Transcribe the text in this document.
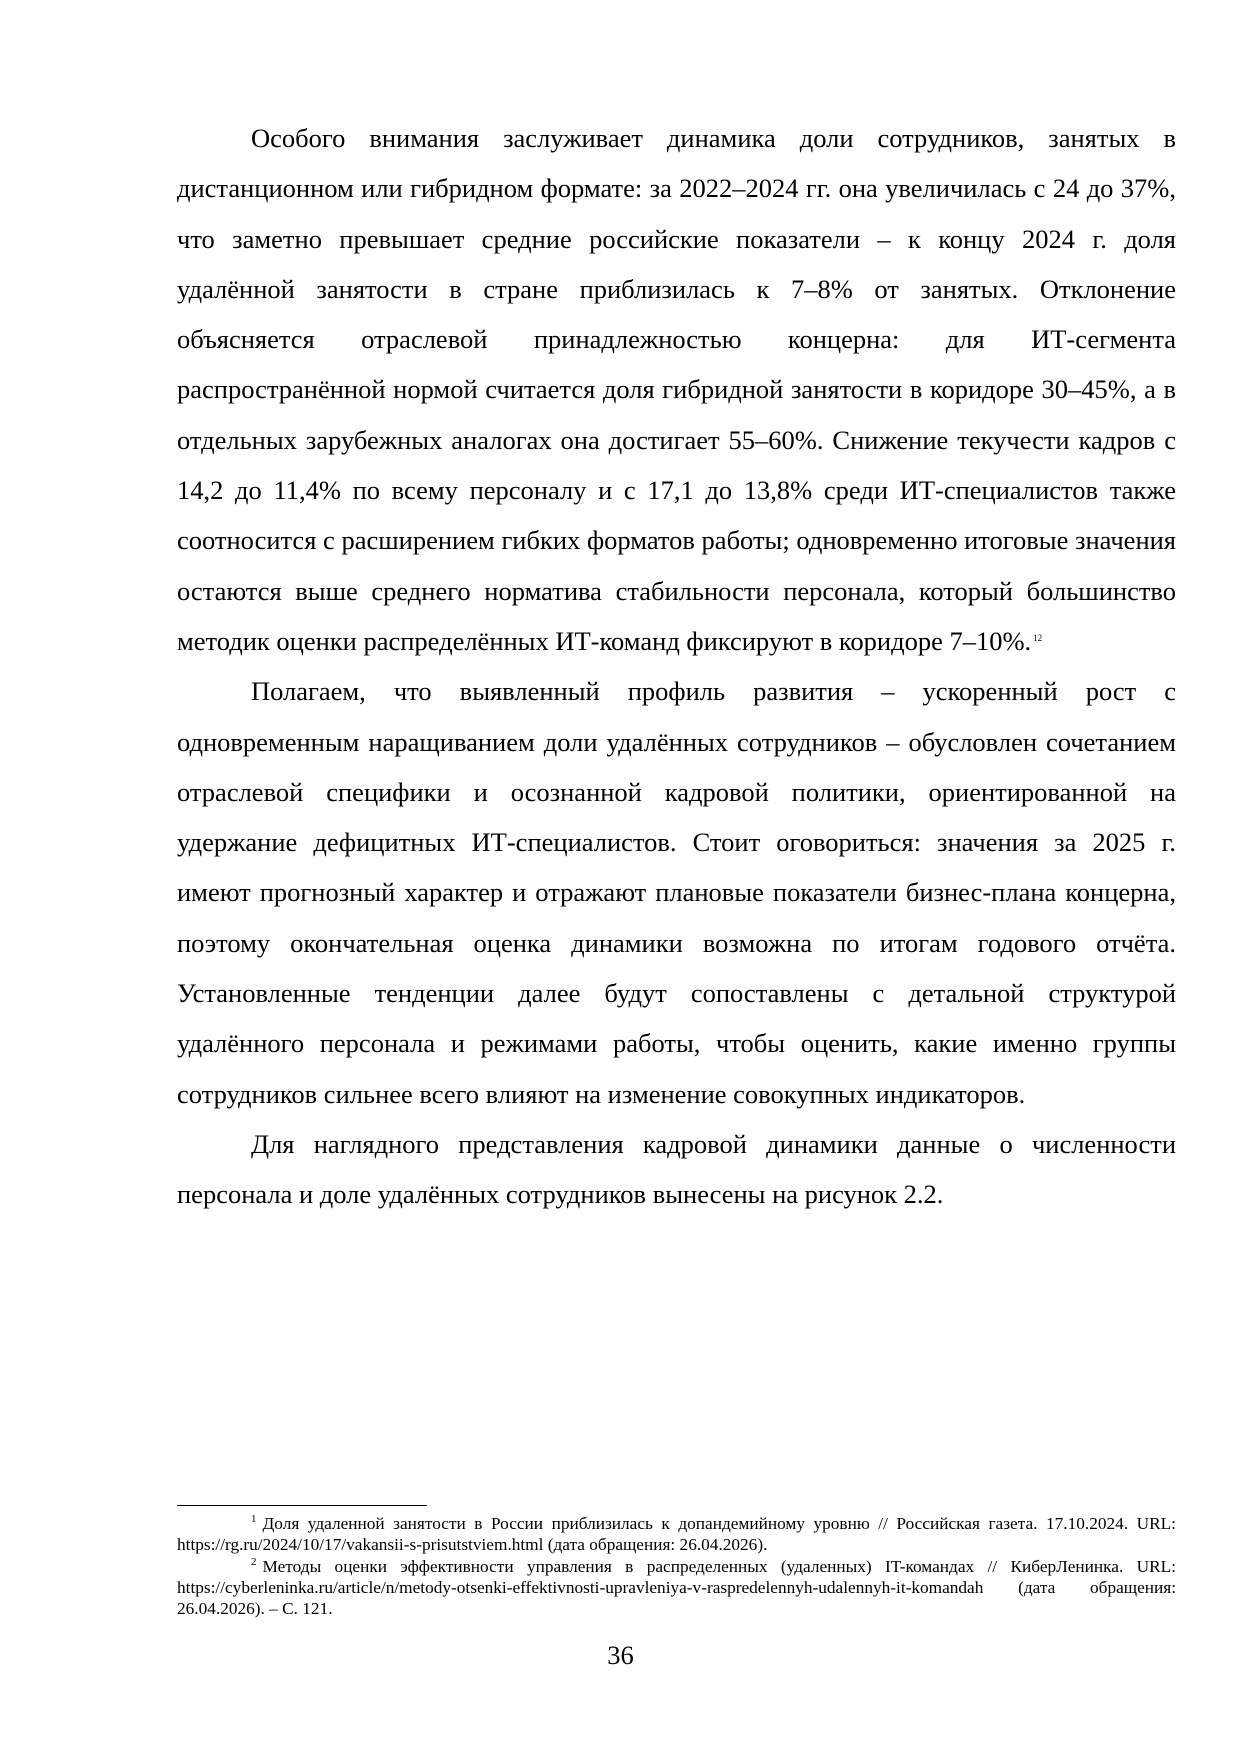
Особого внимания заслуживает динамика доли сотрудников, занятых в дистанционном или гибридном формате: за 2022–2024 гг. она увеличилась с 24 до 37%, что заметно превышает средние российские показатели – к концу 2024 г. доля удалённой занятости в стране приблизилась к 7–8% от занятых. Отклонение объясняется отраслевой принадлежностью концерна: для ИТ-сегмента распространённой нормой считается доля гибридной занятости в коридоре 30–45%, а в отдельных зарубежных аналогах она достигает 55–60%. Снижение текучести кадров с 14,2 до 11,4% по всему персоналу и с 17,1 до 13,8% среди ИТ-специалистов также соотносится с расширением гибких форматов работы; одновременно итоговые значения остаются выше среднего норматива стабильности персонала, который большинство методик оценки распределённых ИТ-команд фиксируют в коридоре 7–10%. $^{12}$

Полагаем, что выявленный профиль развития – ускоренный рост с одновременным наращиванием доли удалённых сотрудников – обусловлен сочетанием отраслевой специфики и осознанной кадровой политики, ориентированной на удержание дефицитных ИТ-специалистов. Стоит оговориться: значения за 2025 г. имеют прогнозный характер и отражают плановые показатели бизнес-плана концерна, поэтому окончательная оценка динамики возможна по итогам годового отчёта. Установленные тенденции далее будут сопоставлены с детальной структурой удалённого персонала и режимами работы, чтобы оценить, какие именно группы сотрудников сильнее всего влияют на изменение совокупных индикаторов.

Для наглядного представления кадровой динамики данные о численности персонала и доле удалённых сотрудников вынесены на рисунок 2.2.

$^1$ Доля удаленной занятости в России приблизилась к допандемийному уровню // Российская газета. 17.10.2024. URL: https://rg.ru/2024/10/17/vakansii-s-prisutstviem.html (дата обращения: 26.04.2026).

$^2$ Методы оценки эффективности управления в распределенных (удаленных) IT-командах // КиберЛенинка. URL: https://cyberleninka.ru/article/n/metody-otsenki-effektivnosti-upravleniya-v-raspredelennyh-udalennyh-it-komandah (дата обращения: 26.04.2026). – С. 121.

36
